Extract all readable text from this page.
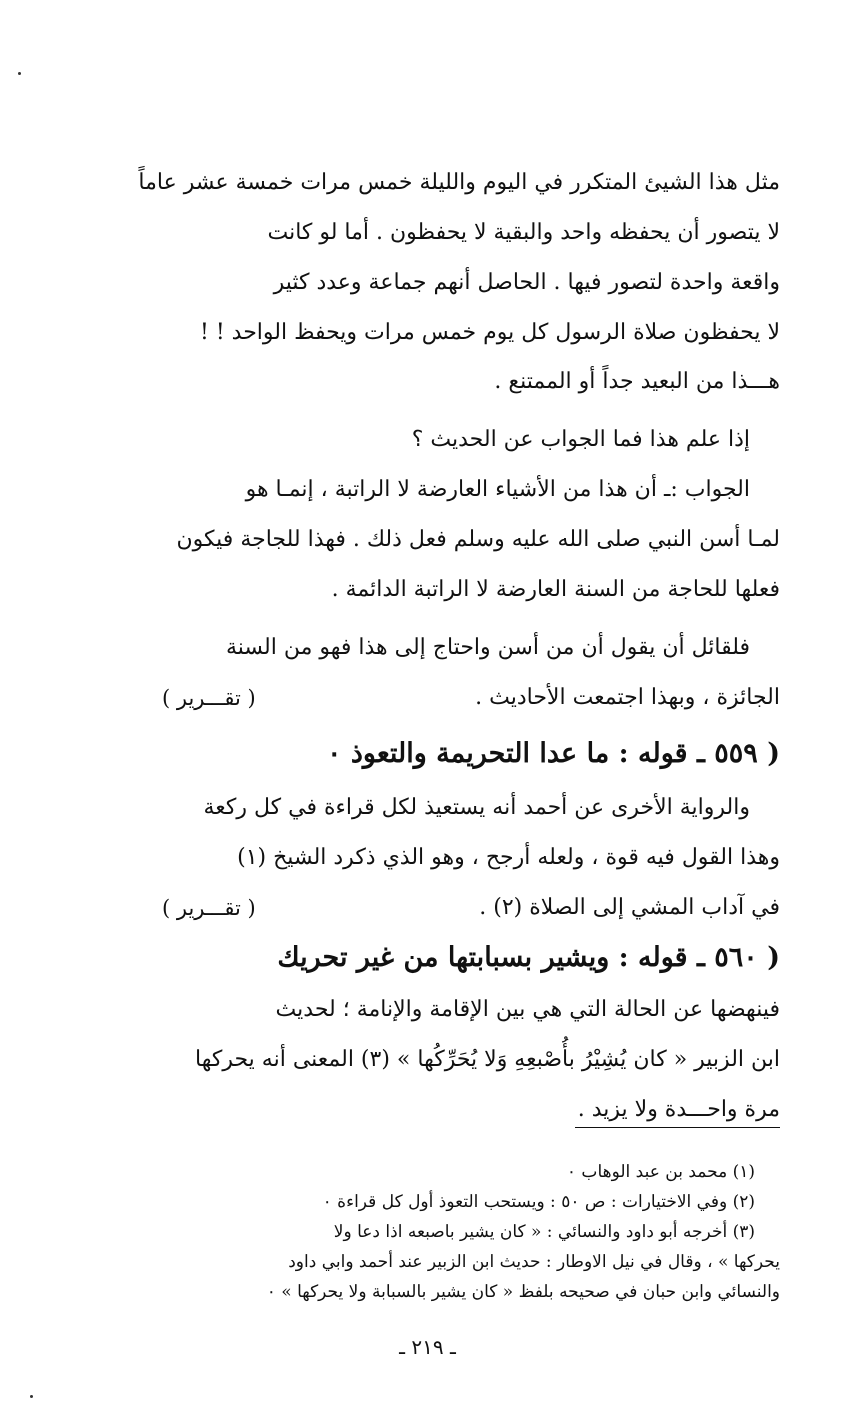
مثل هذا الشيئ المتكرر في اليوم والليلة خمس مرات خمسة عشر عاماً
لا يتصور أن يحفظه واحد والبقية لا يحفظون . أما لو كانت
واقعة واحدة لتصور فيها . الحاصل أنهم جماعة وعدد كثير
لا يحفظون صلاة الرسول كل يوم خمس مرات ويحفظ الواحد ! !
هـــذا من البعيد جداً أو الممتنع .
إذا علم هذا فما الجواب عن الحديث ؟
الجواب :ـ أن هذا من الأشياء العارضة لا الراتبة ، إنمـا هو
لمـا أسن النبي صلى الله عليه وسلم فعل ذلك . فهذا للجاجة فيكون
فعلها للحاجة من السنة العارضة لا الراتبة الدائمة .
فلقائل أن يقول أن من أسن واحتاج إلى هذا فهو من السنة
الجائزة ، وبهذا اجتمعت الأحاديث .
( تقـــرير )
( ٥٥٩ ـ قوله : ما عدا التحريمة والتعوذ ٠
والرواية الأخرى عن أحمد أنه يستعيذ لكل قراءة في كل ركعة
وهذا القول فيه قوة ، ولعله أرجح ، وهو الذي ذكرد الشيخ (١)
في آداب المشي إلى الصلاة (٢) .
( تقـــرير )
( ٥٦٠ ـ قوله : ويشير بسبابتها من غير تحريك
فينهضها عن الحالة التي هي بين الإقامة والإنامة ؛ لحديث
ابن الزبير « كان يُشِيْرُ بأُصْبعِهِ وَلا يُحَرِّكُها » (٣) المعنى أنه يحركها
مرة واحـــدة ولا يزيد .
(١) محمد بن عبد الوهاب ٠
(٢) وفي الاختيارات : ص ٥٠ : ويستحب التعوذ أول كل قراءة ٠
(٣) أخرجه أبو داود والنسائي : « كان يشير باصبعه اذا دعا ولا
يحركها » ، وقال في نيل الاوطار : حديث ابن الزبير عند أحمد وابي داود
والنسائي وابن حبان في صحيحه بلفظ « كان يشير بالسبابة ولا يحركها » ٠
ـ ٢١٩ ـ
